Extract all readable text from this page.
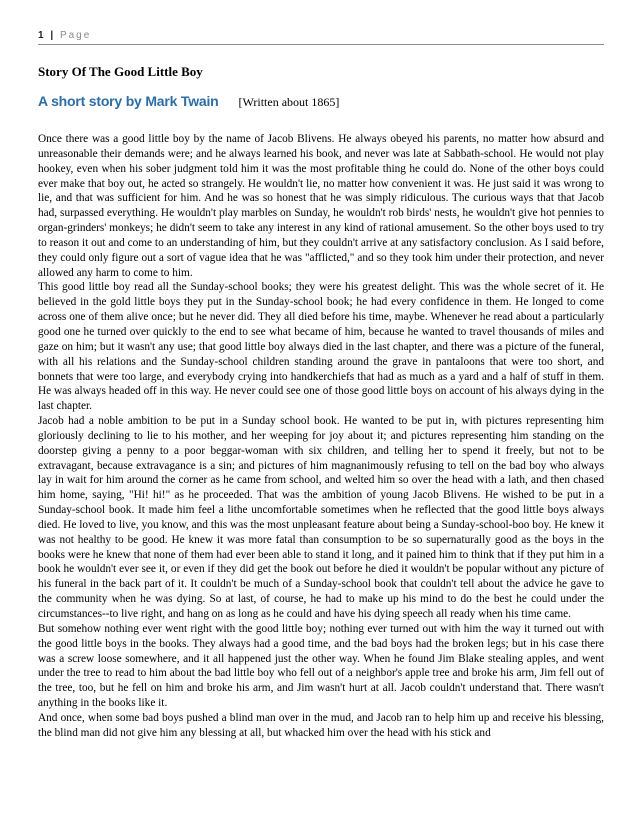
1 | Page
Story Of The Good Little Boy
A short story by Mark Twain [Written about 1865]

Once there was a good little boy by the name of Jacob Blivens. He always obeyed his parents, no matter how absurd and unreasonable their demands were; and he always learned his book, and never was late at Sabbath-school. He would not play hookey, even when his sober judgment told him it was the most profitable thing he could do. None of the other boys could ever make that boy out, he acted so strangely. He wouldn't lie, no matter how convenient it was. He just said it was wrong to lie, and that was sufficient for him. And he was so honest that he was simply ridiculous. The curious ways that that Jacob had, surpassed everything. He wouldn't play marbles on Sunday, he wouldn't rob birds' nests, he wouldn't give hot pennies to organ-grinders' monkeys; he didn't seem to take any interest in any kind of rational amusement. So the other boys used to try to reason it out and come to an understanding of him, but they couldn't arrive at any satisfactory conclusion. As I said before, they could only figure out a sort of vague idea that he was "afflicted," and so they took him under their protection, and never allowed any harm to come to him.

This good little boy read all the Sunday-school books; they were his greatest delight. This was the whole secret of it. He believed in the gold little boys they put in the Sunday-school book; he had every confidence in them. He longed to come across one of them alive once; but he never did. They all died before his time, maybe. Whenever he read about a particularly good one he turned over quickly to the end to see what became of him, because he wanted to travel thousands of miles and gaze on him; but it wasn't any use; that good little boy always died in the last chapter, and there was a picture of the funeral, with all his relations and the Sunday-school children standing around the grave in pantaloons that were too short, and bonnets that were too large, and everybody crying into handkerchiefs that had as much as a yard and a half of stuff in them. He was always headed off in this way. He never could see one of those good little boys on account of his always dying in the last chapter.

Jacob had a noble ambition to be put in a Sunday school book. He wanted to be put in, with pictures representing him gloriously declining to lie to his mother, and her weeping for joy about it; and pictures representing him standing on the doorstep giving a penny to a poor beggar-woman with six children, and telling her to spend it freely, but not to be extravagant, because extravagance is a sin; and pictures of him magnanimously refusing to tell on the bad boy who always lay in wait for him around the corner as he came from school, and welted him so over the head with a lath, and then chased him home, saying, "Hi! hi!" as he proceeded. That was the ambition of young Jacob Blivens. He wished to be put in a Sunday-school book. It made him feel a lithe uncomfortable sometimes when he reflected that the good little boys always died. He loved to live, you know, and this was the most unpleasant feature about being a Sunday-school-boo boy. He knew it was not healthy to be good. He knew it was more fatal than consumption to be so supernaturally good as the boys in the books were he knew that none of them had ever been able to stand it long, and it pained him to think that if they put him in a book he wouldn't ever see it, or even if they did get the book out before he died it wouldn't be popular without any picture of his funeral in the back part of it. It couldn't be much of a Sunday-school book that couldn't tell about the advice he gave to the community when he was dying. So at last, of course, he had to make up his mind to do the best he could under the circumstances--to live right, and hang on as long as he could and have his dying speech all ready when his time came.

But somehow nothing ever went right with the good little boy; nothing ever turned out with him the way it turned out with the good little boys in the books. They always had a good time, and the bad boys had the broken legs; but in his case there was a screw loose somewhere, and it all happened just the other way. When he found Jim Blake stealing apples, and went under the tree to read to him about the bad little boy who fell out of a neighbor's apple tree and broke his arm, Jim fell out of the tree, too, but he fell on him and broke his arm, and Jim wasn't hurt at all. Jacob couldn't understand that. There wasn't anything in the books like it.

And once, when some bad boys pushed a blind man over in the mud, and Jacob ran to help him up and receive his blessing, the blind man did not give him any blessing at all, but whacked him over the head with his stick and
